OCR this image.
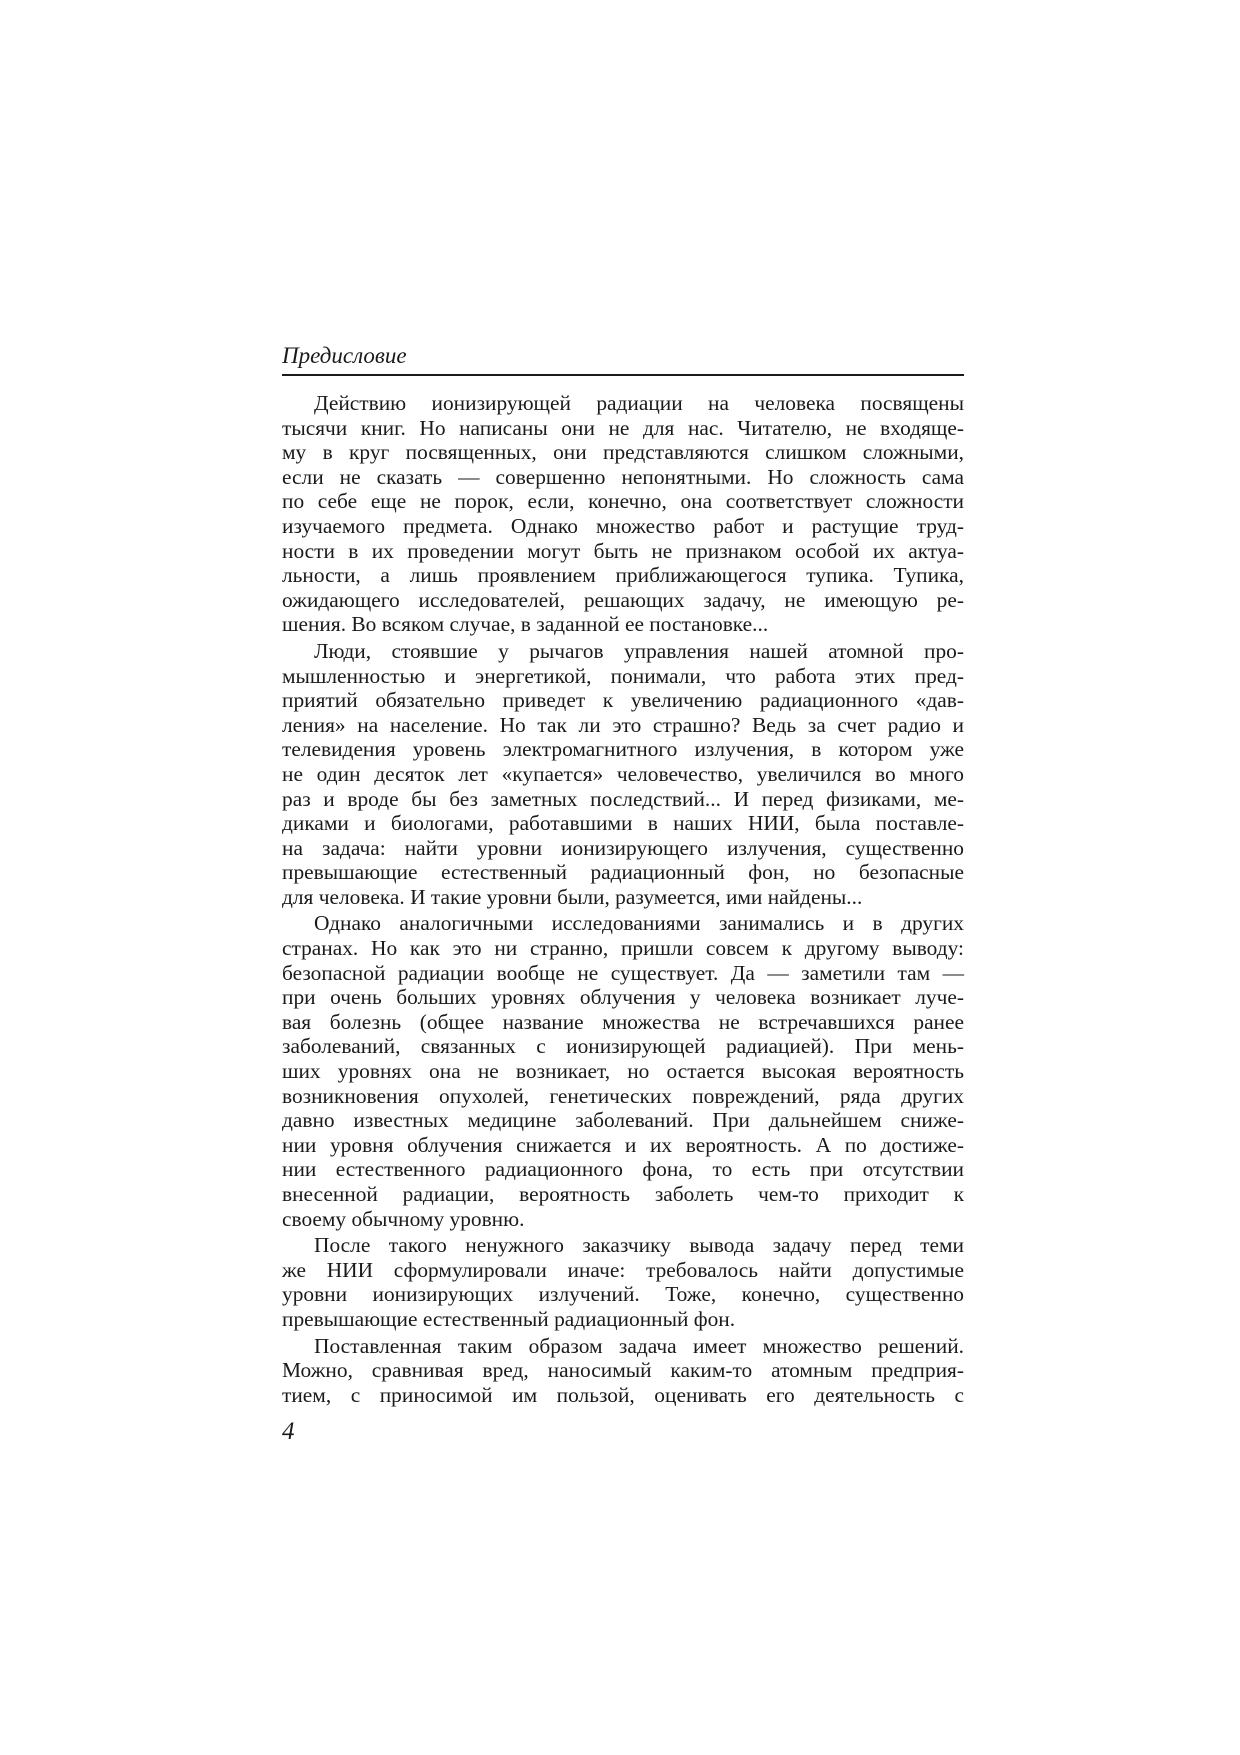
Предисловие

Действию ионизирующей радиации на человека посвящены
тысячи книг. Но написаны они не для нас. Читателю, не входяще-
му в круг посвященных, они представляются слишком сложными,
если не сказать — совершенно непонятными. Но сложность сама
по себе еще не порок, если, конечно, она соответствует сложности
изучаемого предмета. Однако множество работ и растущие труд-
ности в их проведении могут быть не признаком особой их актуа-
льности, а лишь проявлением приближающегося тупика. Тупика,
ожидающего исследователей, решающих задачу, не имеющую ре-
шения. Во всяком случае, в заданной ее постановке...

Люди, стоявшие у рычагов управления нашей атомной про-
мышленностью и энергетикой, понимали, что работа этих пред-
приятий обязательно приведет к увеличению радиационного «дав-
ления» на население. Но так ли это страшно? Ведь за счет радио и
телевидения уровень электромагнитного излучения, в котором уже
не один десяток лет «купается» человечество, увеличился во много
раз и вроде бы без заметных последствий... И перед физиками, ме-
диками и биологами, работавшими в наших НИИ, была поставле-
на задача: найти уровни ионизирующего излучения, существенно
превышающие естественный радиационный фон, но безопасные
для человека. И такие уровни были, разумеется, ими найдены...

Однако аналогичными исследованиями занимались и в других
странах. Но как это ни странно, пришли совсем к другому выводу:
безопасной радиации вообще не существует. Да — заметили там —
при очень больших уровнях облучения у человека возникает луче-
вая болезнь (общее название множества не встречавшихся ранее
заболеваний, связанных с ионизирующей радиацией). При мень-
ших уровнях она не возникает, но остается высокая вероятность
возникновения опухолей, генетических повреждений, ряда других
давно известных медицине заболеваний. При дальнейшем сниже-
нии уровня облучения снижается и их вероятность. А по достиже-
нии естественного радиационного фона, то есть при отсутствии
внесенной радиации, вероятность заболеть чем-то приходит к
своему обычному уровню.

После такого ненужного заказчику вывода задачу перед теми
же НИИ сформулировали иначе: требовалось найти допустимые
уровни ионизирующих излучений. Тоже, конечно, существенно
превышающие естественный радиационный фон.

Поставленная таким образом задача имеет множество решений.
Можно, сравнивая вред, наносимый каким-то атомным предприя-
тием, с приносимой им пользой, оценивать его деятельность с

4
